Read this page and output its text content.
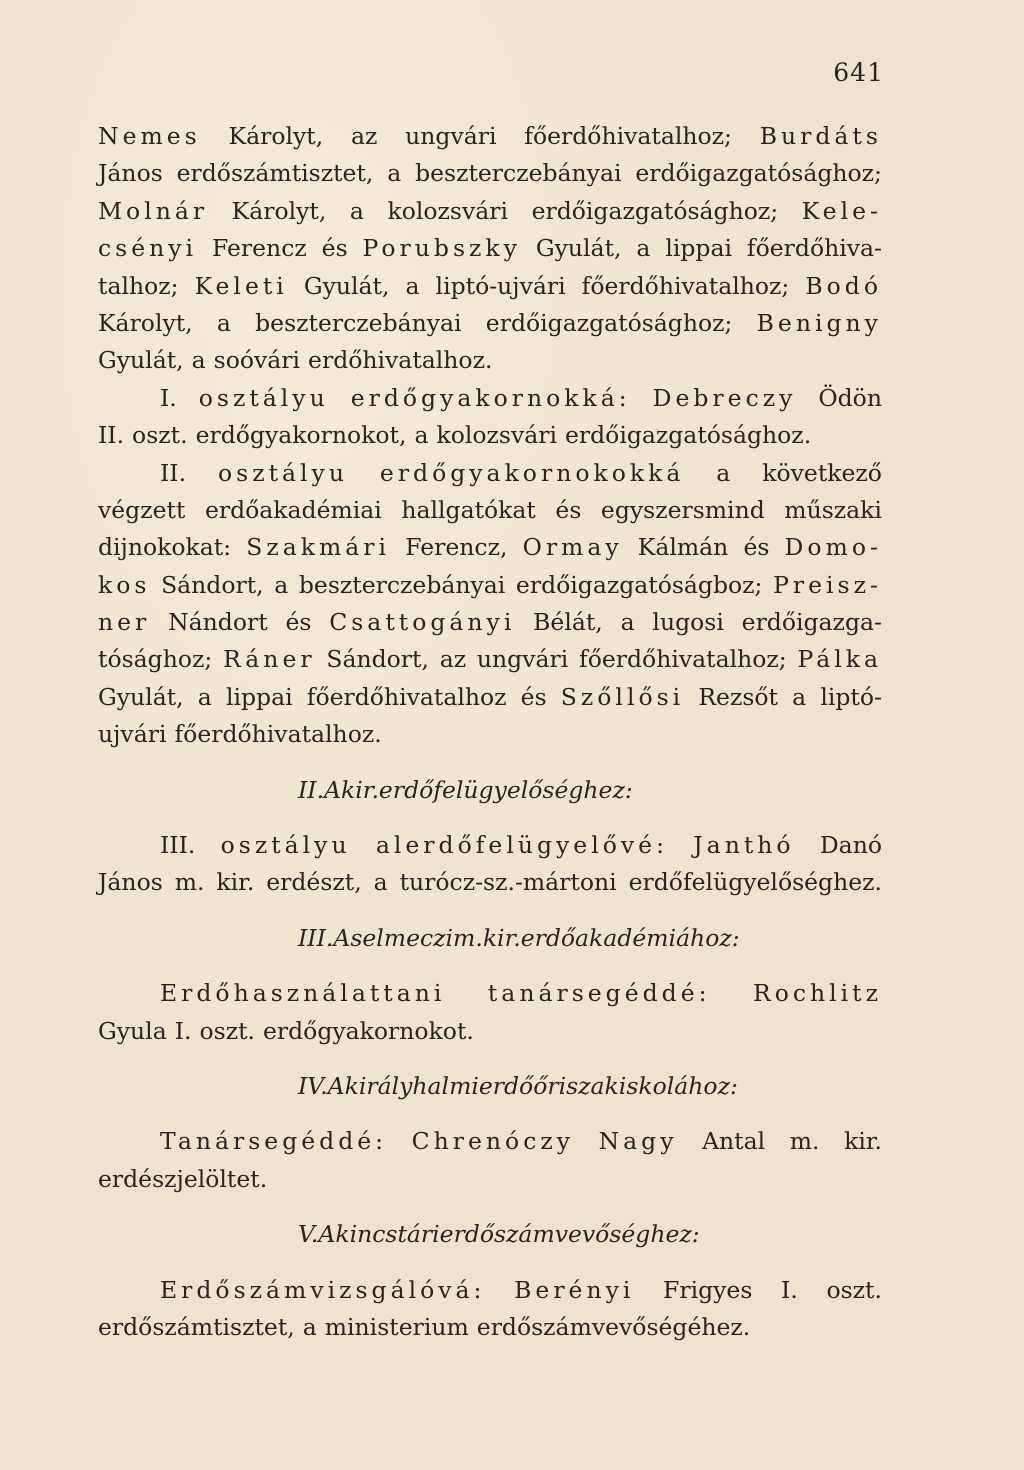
641
Nemes Károlyt, az ungvári főerdőhivatalhoz; Burdáts
János erdőszámtisztet, a beszterczebányai erdőigazgatósághoz;
Molnár Károlyt, a kolozsvári erdőigazgatósághoz; Kele-
csényi Ferencz és Porubszky Gyulát, a lippai főerdőhiva-
talhoz; Keleti Gyulát, a liptó-ujvári főerdőhivatalhoz; Bodó
Károlyt, a beszterczebányai erdőigazgatósághoz; Benigny
Gyulát, a soóvári erdőhivatalhoz.
I. osztályu erdőgyakornokká: Debreczy Ödön
II. oszt. erdőgyakornokot, a kolozsvári erdőigazgatósághoz.
II. osztályu erdőgyakornokokká a következő
végzett erdőakadémiai hallgatókat és egyszersmind műszaki
dijnokokat: Szakmári Ferencz, Ormay Kálmán és Domo-
kos Sándort, a beszterczebányai erdőigazgatóságboz; Preisz-
ner Nándort és Csattogányi Bélát, a lugosi erdőigazga-
tósághoz; Ráner Sándort, az ungvári főerdőhivatalhoz; Pálka
Gyulát, a lippai főerdőhivatalhoz és Szőllősi Rezsőt a liptó-
ujvári főerdőhivatalhoz.
II. A kir. erdőfelügyelőséghez:
III. osztályu alerdőfelügyelővé: Janthó Danó
János m. kir. erdészt, a turócz-sz.-mártoni erdőfelügyelőséghez.
III. A selmeczi m. kir. erdőakadémiához:
Erdőhasználattani tanársegéddé: Rochlitz
Gyula I. oszt. erdőgyakornokot.
IV. A királyhalmi erdőőri szakiskolához:
Tanársegéddé: Chrenóczy Nagy Antal m. kir.
erdészjelöltet.
V. A kincstári erdőszámvevőséghez:
Erdőszámvizsgálóvá: Berényi Frigyes I. oszt.
erdőszámtisztet, a ministerium erdőszámvevőségéhez.
